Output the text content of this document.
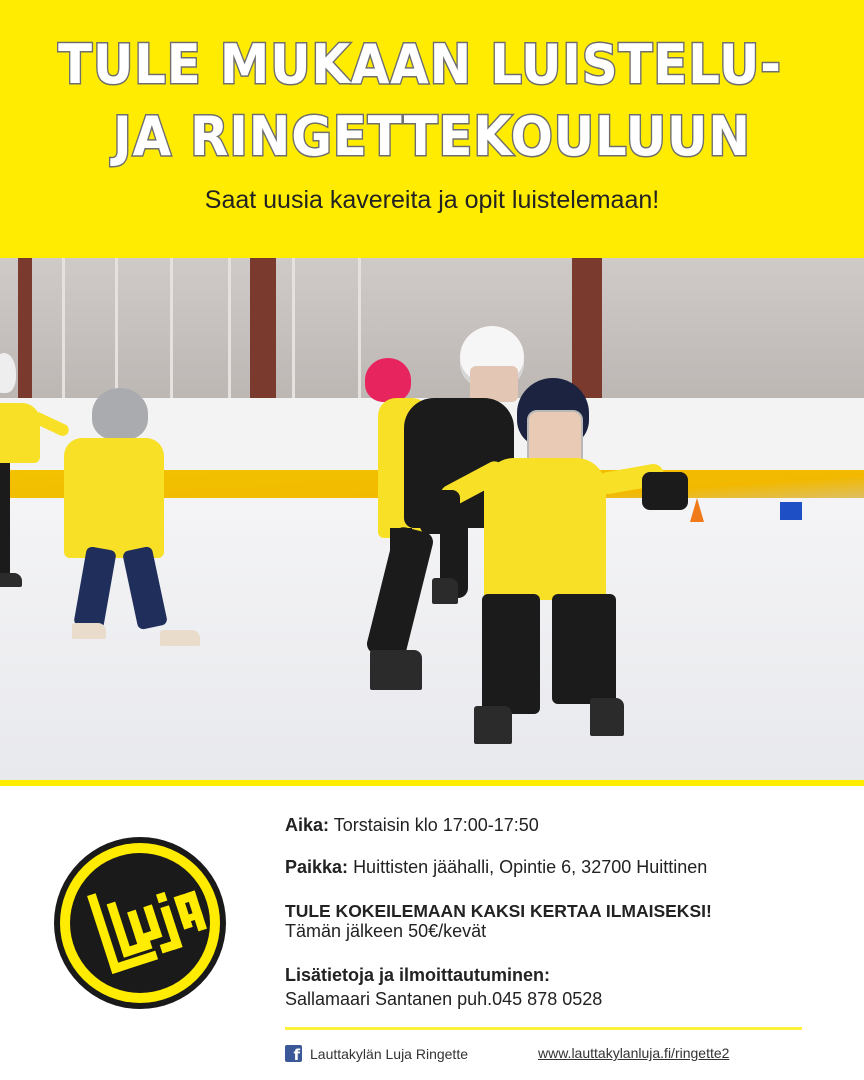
TULE MUKAAN LUISTELU-
JA RINGETTEKOULUUN
Saat uusia kavereita ja opit luistelemaan!
Aika: Torstaisin klo 17:00-17:50
Paikka: Huittisten jäähalli, Opintie 6, 32700 Huittinen
TULE KOKEILEMAAN KAKSI KERTAA ILMAISEKSI!
Tämän jälkeen 50€/kevät
Lisätietoja ja ilmoittautuminen:
Sallamaari Santanen puh.045 878 0528
f Lauttakylän Luja Ringette	www.lauttakylanluja.fi/ringette2
